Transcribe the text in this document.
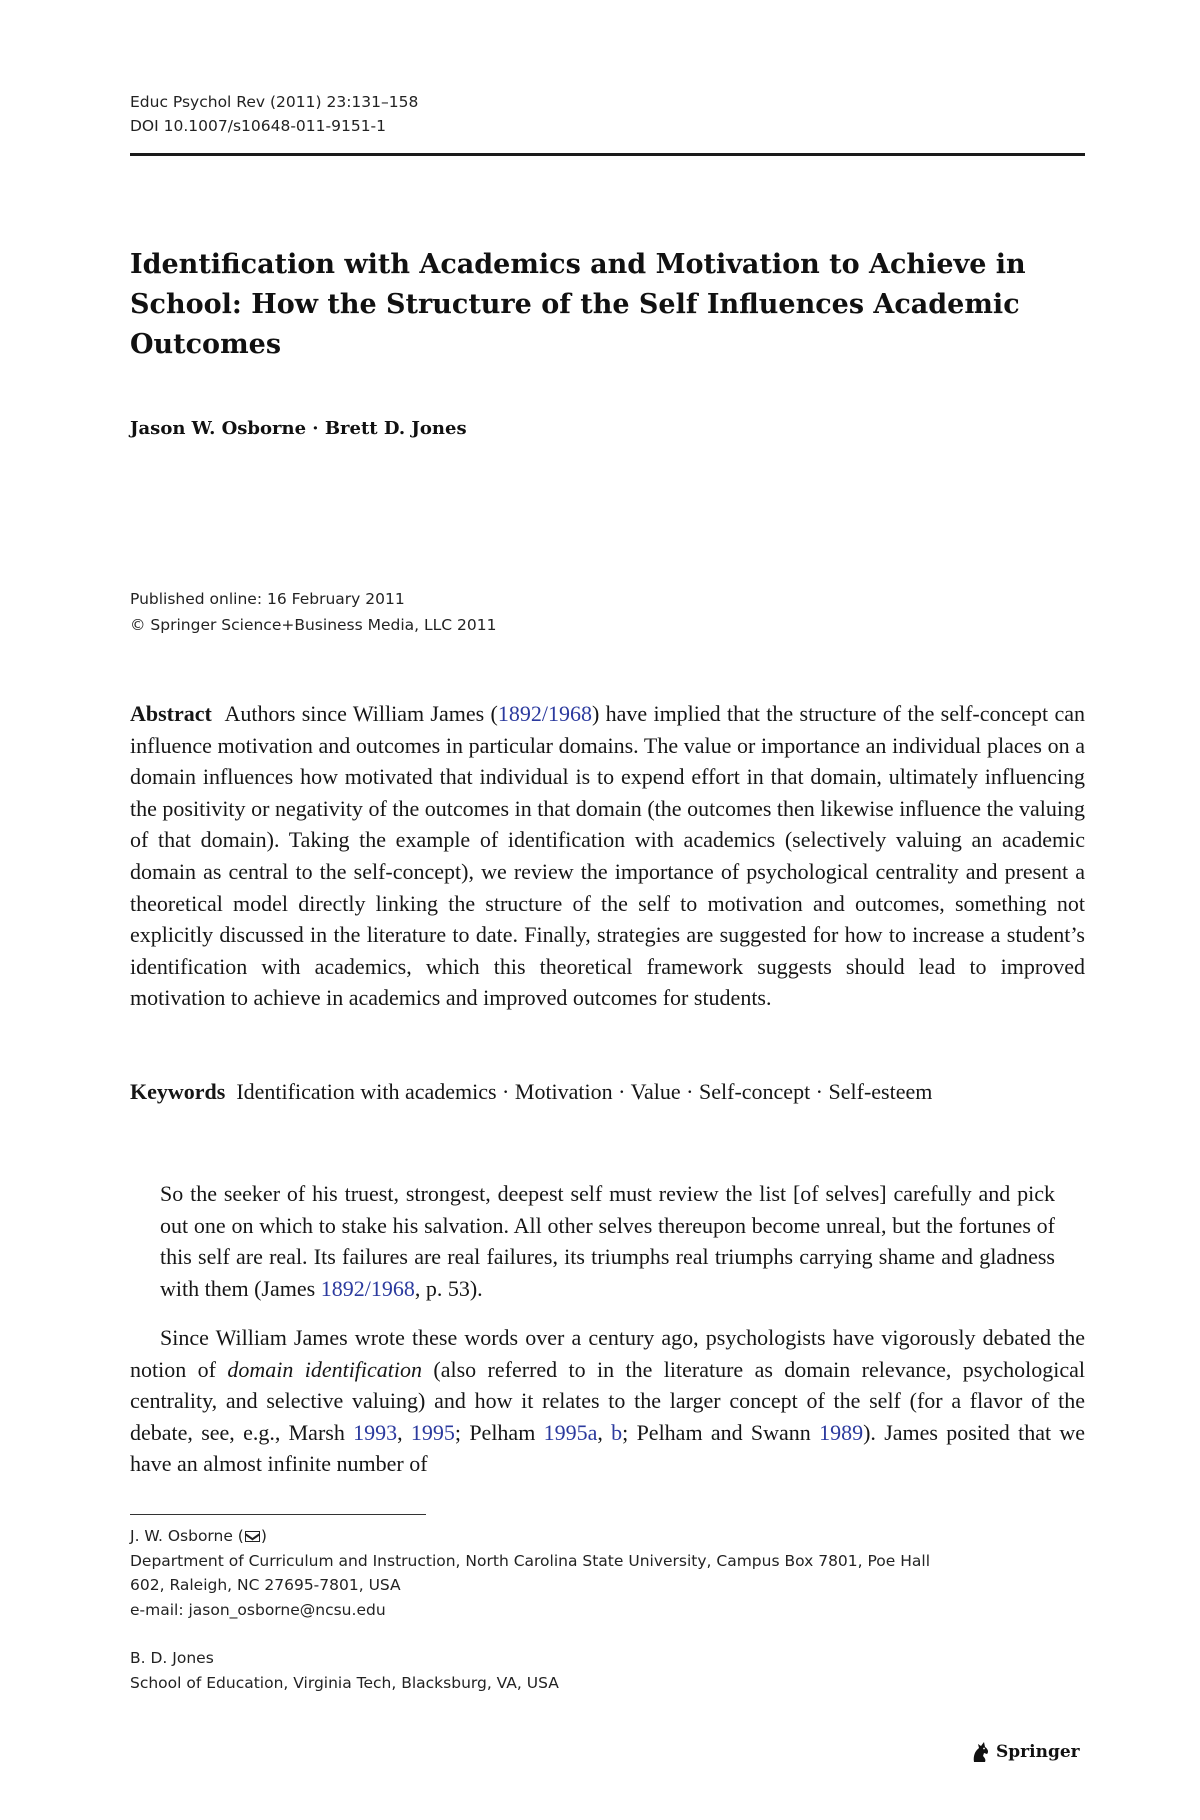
Educ Psychol Rev (2011) 23:131–158
DOI 10.1007/s10648-011-9151-1
Identification with Academics and Motivation to Achieve in School: How the Structure of the Self Influences Academic Outcomes
Jason W. Osborne · Brett D. Jones
Published online: 16 February 2011
© Springer Science+Business Media, LLC 2011

Abstract Authors since William James (1892/1968) have implied that the structure of the self-concept can influence motivation and outcomes in particular domains. The value or importance an individual places on a domain influences how motivated that individual is to expend effort in that domain, ultimately influencing the positivity or negativity of the outcomes in that domain (the outcomes then likewise influence the valuing of that domain). Taking the example of identification with academics (selectively valuing an academic domain as central to the self-concept), we review the importance of psychological centrality and present a theoretical model directly linking the structure of the self to motivation and outcomes, something not explicitly discussed in the literature to date. Finally, strategies are suggested for how to increase a student’s identification with academics, which this theoretical framework suggests should lead to improved motivation to achieve in academics and improved outcomes for students.

Keywords Identification with academics · Motivation · Value · Self-concept · Self-esteem

So the seeker of his truest, strongest, deepest self must review the list [of selves] carefully and pick out one on which to stake his salvation. All other selves thereupon become unreal, but the fortunes of this self are real. Its failures are real failures, its triumphs real triumphs carrying shame and gladness with them (James 1892/1968, p. 53).

Since William James wrote these words over a century ago, psychologists have vigorously debated the notion of domain identification (also referred to in the literature as domain relevance, psychological centrality, and selective valuing) and how it relates to the larger concept of the self (for a flavor of the debate, see, e.g., Marsh 1993, 1995; Pelham 1995a, b; Pelham and Swann 1989). James posited that we have an almost infinite number of

J. W. Osborne ( )
Department of Curriculum and Instruction, North Carolina State University, Campus Box 7801, Poe Hall
602, Raleigh, NC 27695-7801, USA
e-mail: jason_osborne@ncsu.edu
B. D. Jones
School of Education, Virginia Tech, Blacksburg, VA, USA
Springer
